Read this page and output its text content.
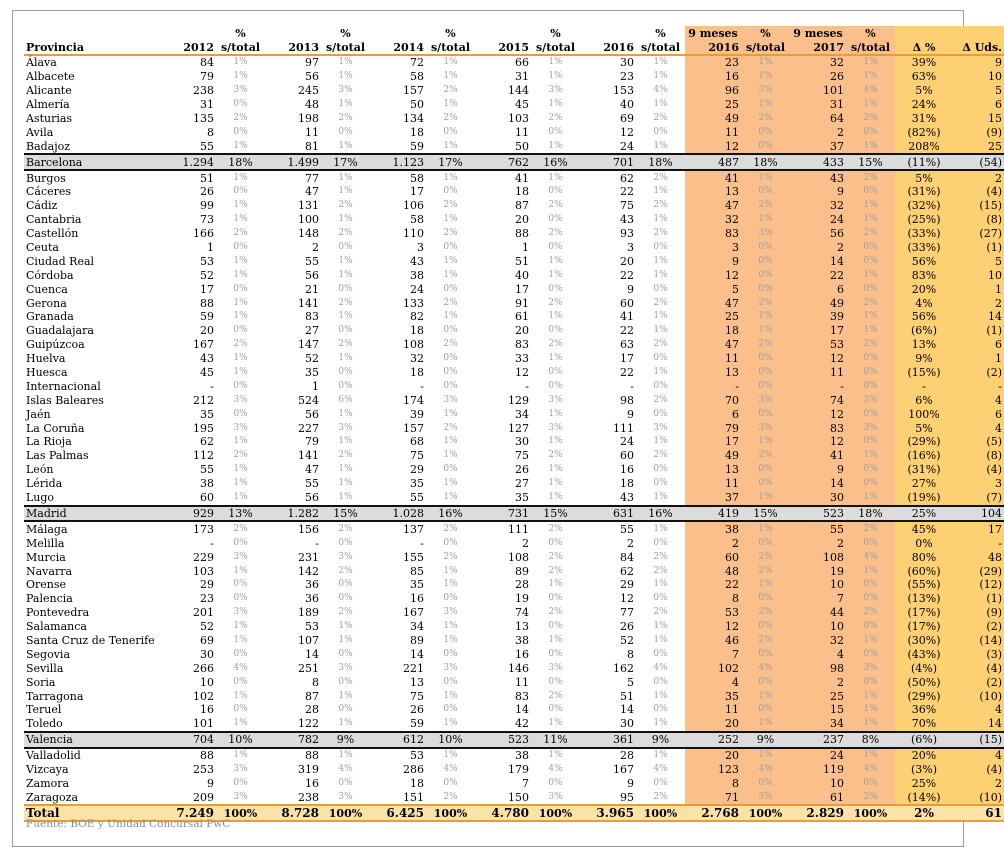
		%		%		%		%		%	9 meses	%	9 meses	%		
Provincia	2012	s/total	2013	s/total	2014	s/total	2015	s/total	2016	s/total	2016	s/total	2017	s/total	Δ %	Δ Uds.
Álava	84	1%	97	1%	72	1%	66	1%	30	1%	23	1%	32	1%	39%	9
Albacete	79	1%	56	1%	58	1%	31	1%	23	1%	16	1%	26	1%	63%	10
Alicante	238	3%	245	3%	157	2%	144	3%	153	4%	96	3%	101	4%	5%	5
Almería	31	0%	48	1%	50	1%	45	1%	40	1%	25	1%	31	1%	24%	6
Asturias	135	2%	198	2%	134	2%	103	2%	69	2%	49	2%	64	2%	31%	15
Avila	8	0%	11	0%	18	0%	11	0%	12	0%	11	0%	2	0%	(82%)	(9)
Badajoz	55	1%	81	1%	59	1%	50	1%	24	1%	12	0%	37	1%	208%	25
Barcelona	1.294	18%	1.499	17%	1.123	17%	762	16%	701	18%	487	18%	433	15%	(11%)	(54)
Burgos	51	1%	77	1%	58	1%	41	1%	62	2%	41	1%	43	2%	5%	2
Cáceres	26	0%	47	1%	17	0%	18	0%	22	1%	13	0%	9	0%	(31%)	(4)
Cádiz	99	1%	131	2%	106	2%	87	2%	75	2%	47	2%	32	1%	(32%)	(15)
Cantabria	73	1%	100	1%	58	1%	20	0%	43	1%	32	1%	24	1%	(25%)	(8)
Castellón	166	2%	148	2%	110	2%	88	2%	93	2%	83	3%	56	2%	(33%)	(27)
Ceuta	1	0%	2	0%	3	0%	1	0%	3	0%	3	0%	2	0%	(33%)	(1)
Ciudad Real	53	1%	55	1%	43	1%	51	1%	20	1%	9	0%	14	0%	56%	5
Córdoba	52	1%	56	1%	38	1%	40	1%	22	1%	12	0%	22	1%	83%	10
Cuenca	17	0%	21	0%	24	0%	17	0%	9	0%	5	0%	6	0%	20%	1
Gerona	88	1%	141	2%	133	2%	91	2%	60	2%	47	2%	49	2%	4%	2
Granada	59	1%	83	1%	82	1%	61	1%	41	1%	25	1%	39	1%	56%	14
Guadalajara	20	0%	27	0%	18	0%	20	0%	22	1%	18	1%	17	1%	(6%)	(1)
Guipúzcoa	167	2%	147	2%	108	2%	83	2%	63	2%	47	2%	53	2%	13%	6
Huelva	43	1%	52	1%	32	0%	33	1%	17	0%	11	0%	12	0%	9%	1
Huesca	45	1%	35	0%	18	0%	12	0%	22	1%	13	0%	11	0%	(15%)	(2)
Internacional	-	0%	1	0%	-	0%	-	0%	-	0%	-	0%	-	0%	-	-
Islas Baleares	212	3%	524	6%	174	3%	129	3%	98	2%	70	3%	74	3%	6%	4
Jaén	35	0%	56	1%	39	1%	34	1%	9	0%	6	0%	12	0%	100%	6
La Coruña	195	3%	227	3%	157	2%	127	3%	111	3%	79	3%	83	3%	5%	4
La Rioja	62	1%	79	1%	68	1%	30	1%	24	1%	17	1%	12	0%	(29%)	(5)
Las Palmas	112	2%	141	2%	75	1%	75	2%	60	2%	49	2%	41	1%	(16%)	(8)
León	55	1%	47	1%	29	0%	26	1%	16	0%	13	0%	9	0%	(31%)	(4)
Lérida	38	1%	55	1%	35	1%	27	1%	18	0%	11	0%	14	0%	27%	3
Lugo	60	1%	56	1%	55	1%	35	1%	43	1%	37	1%	30	1%	(19%)	(7)
Madrid	929	13%	1.282	15%	1.028	16%	731	15%	631	16%	419	15%	523	18%	25%	104
Málaga	173	2%	156	2%	137	2%	111	2%	55	1%	38	1%	55	2%	45%	17
Melilla	-	0%	-	0%	-	0%	2	0%	2	0%	2	0%	2	0%	0%	-
Murcia	229	3%	231	3%	155	2%	108	2%	84	2%	60	2%	108	4%	80%	48
Navarra	103	1%	142	2%	85	1%	89	2%	62	2%	48	2%	19	1%	(60%)	(29)
Orense	29	0%	36	0%	35	1%	28	1%	29	1%	22	1%	10	0%	(55%)	(12)
Palencia	23	0%	36	0%	16	0%	19	0%	12	0%	8	0%	7	0%	(13%)	(1)
Pontevedra	201	3%	189	2%	167	3%	74	2%	77	2%	53	2%	44	2%	(17%)	(9)
Salamanca	52	1%	53	1%	34	1%	13	0%	26	1%	12	0%	10	0%	(17%)	(2)
Santa Cruz de Tenerife	69	1%	107	1%	89	1%	38	1%	52	1%	46	2%	32	1%	(30%)	(14)
Segovia	30	0%	14	0%	14	0%	16	0%	8	0%	7	0%	4	0%	(43%)	(3)
Sevilla	266	4%	251	3%	221	3%	146	3%	162	4%	102	4%	98	3%	(4%)	(4)
Soria	10	0%	8	0%	13	0%	11	0%	5	0%	4	0%	2	0%	(50%)	(2)
Tarragona	102	1%	87	1%	75	1%	83	2%	51	1%	35	1%	25	1%	(29%)	(10)
Teruel	16	0%	28	0%	26	0%	14	0%	14	0%	11	0%	15	1%	36%	4
Toledo	101	1%	122	1%	59	1%	42	1%	30	1%	20	1%	34	1%	70%	14
Valencia	704	10%	782	9%	612	10%	523	11%	361	9%	252	9%	237	8%	(6%)	(15)
Valladolid	88	1%	88	1%	53	1%	38	1%	28	1%	20	1%	24	1%	20%	4
Vizcaya	253	3%	319	4%	286	4%	179	4%	167	4%	123	4%	119	4%	(3%)	(4)
Zamora	9	0%	16	0%	18	0%	7	0%	9	0%	8	0%	10	0%	25%	2
Zaragoza	209	3%	238	3%	151	2%	150	3%	95	2%	71	3%	61	2%	(14%)	(10)
Total	7.249	100%	8.728	100%	6.425	100%	4.780	100%	3.965	100%	2.768	100%	2.829	100%	2%	61
Fuente: BOE y Unidad Concursal PwC
